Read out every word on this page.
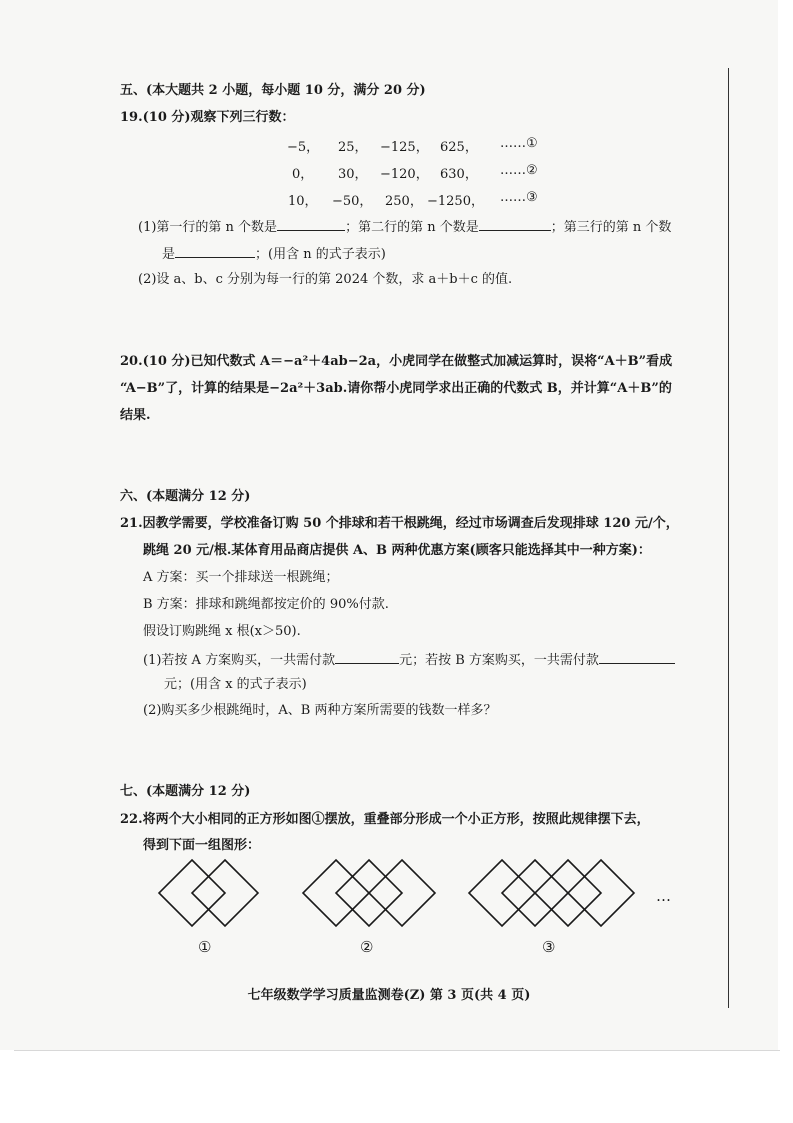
五、(本大题共 2 小题，每小题 10 分，满分 20 分)
19.(10 分)观察下列三行数：
−5， 25， −125， 625， ……①
0， 30， −120， 630， ……②
10， −50， 250， −1250， ……③
(1)第一行的第 n 个数是	；第二行的第 n 个数是	；第三行的第 n 个数
是	；(用含 n 的式子表示)
(2)设 a、b、c 分别为每一行的第 2024 个数，求 a＋b＋c 的值.
20.(10 分)已知代数式 A＝−a²＋4ab−2a，小虎同学在做整式加减运算时，误将“A＋B”看成
“A−B”了，计算的结果是−2a²＋3ab.请你帮小虎同学求出正确的代数式 B，并计算“A＋B”的
结果.
六、(本题满分 12 分)
21.因教学需要，学校准备订购 50 个排球和若干根跳绳，经过市场调查后发现排球 120 元/个，
跳绳 20 元/根.某体育用品商店提供 A、B 两种优惠方案(顾客只能选择其中一种方案)：
A 方案：买一个排球送一根跳绳；
B 方案：排球和跳绳都按定价的 90%付款.
假设订购跳绳 x 根(x＞50).
(1)若按 A 方案购买，一共需付款	元；若按 B 方案购买，一共需付款
元；(用含 x 的式子表示)
(2)购买多少根跳绳时，A、B 两种方案所需要的钱数一样多？
七、(本题满分 12 分)
22.将两个大小相同的正方形如图①摆放，重叠部分形成一个小正方形，按照此规律摆下去，
得到下面一组图形：
①	②	③
…
七年级数学学习质量监测卷(Z) 第 3 页(共 4 页)
